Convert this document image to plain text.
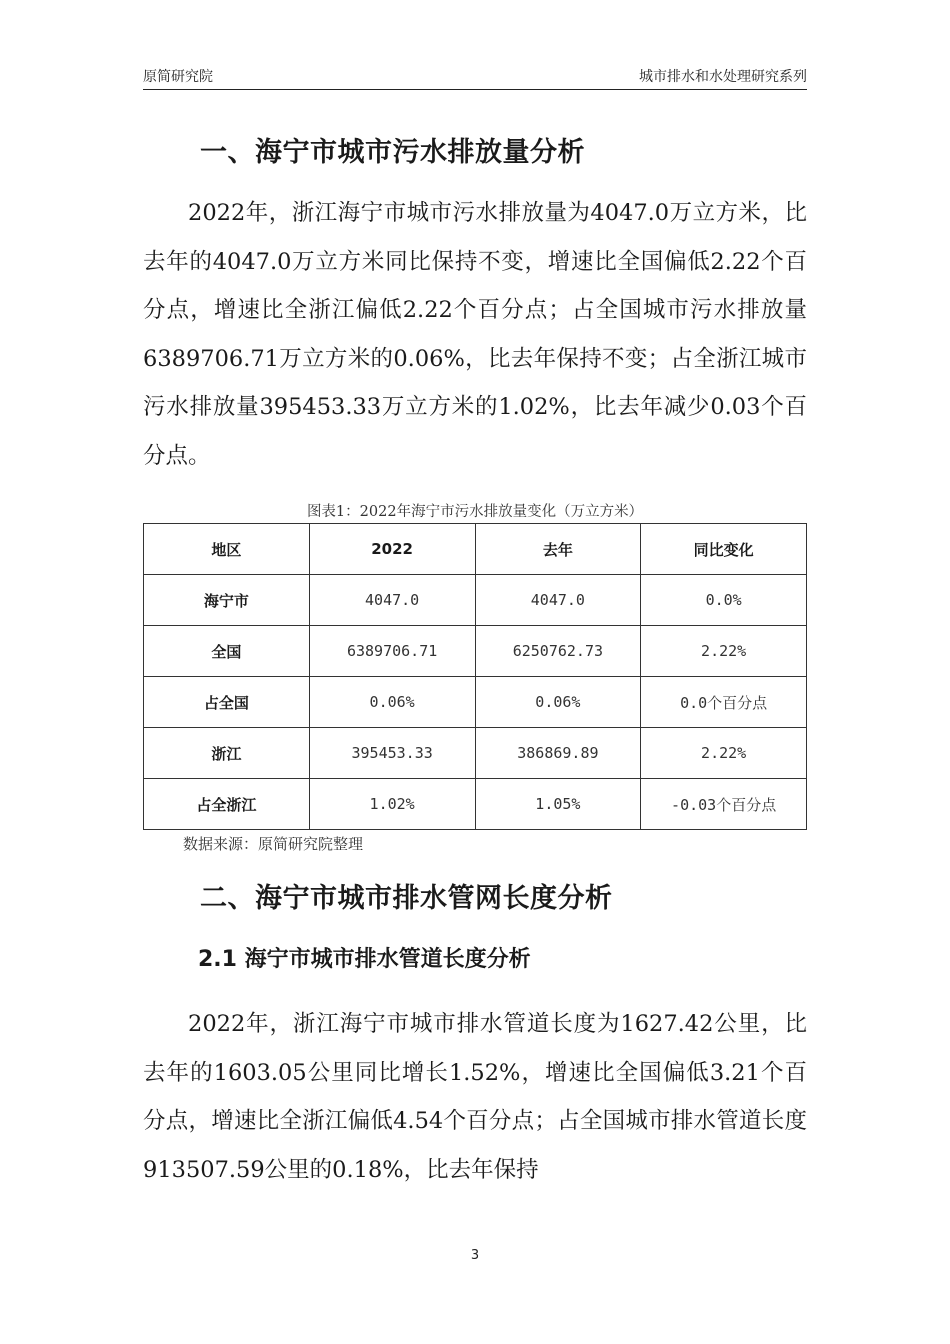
原简研究院	城市排水和水处理研究系列
一、海宁市城市污水排放量分析

2022年，浙江海宁市城市污水排放量为4047.0万立方米，比去年的4047.0万立方米同比保持不变，增速比全国偏低2.22个百分点，增速比全浙江偏低2.22个百分点；占全国城市污水排放量6389706.71万立方米的0.06%，比去年保持不变；占全浙江城市污水排放量395453.33万立方米的1.02%，比去年减少0.03个百分点。

图表1：2022年海宁市污水排放量变化（万立方米）
地区	2022	去年	同比变化
海宁市	4047.0	4047.0	0.0%
全国	6389706.71	6250762.73	2.22%
占全国	0.06%	0.06%	0.0个百分点
浙江	395453.33	386869.89	2.22%
占全浙江	1.02%	1.05%	-0.03个百分点
数据来源：原简研究院整理
二、海宁市城市排水管网长度分析
2.1 海宁市城市排水管道长度分析

2022年，浙江海宁市城市排水管道长度为1627.42公里，比去年的1603.05公里同比增长1.52%，增速比全国偏低3.21个百分点，增速比全浙江偏低4.54个百分点；占全国城市排水管道长度913507.59公里的0.18%，比去年保持

3
